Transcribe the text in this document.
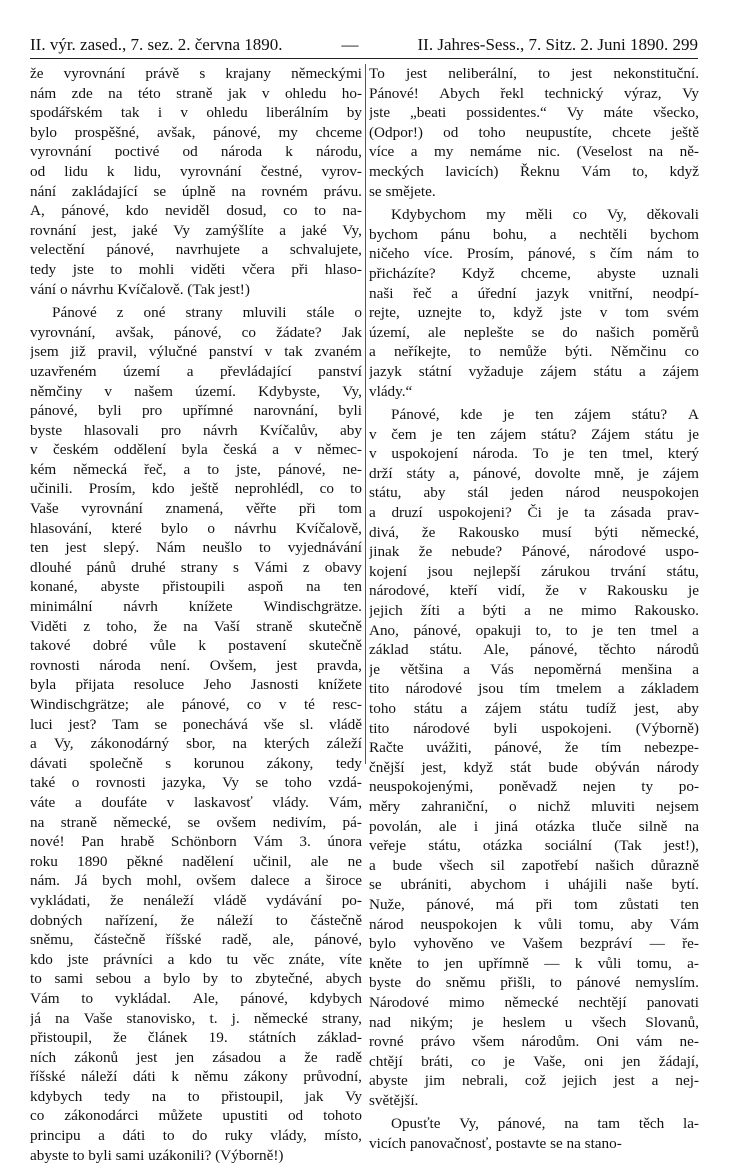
II. výr. zased., 7. sez. 2. června 1890.	—	II. Jahres-Sess., 7. Sitz. 2. Juni 1890. 299
že vyrovnání právě s krajany německými
nám zde na této straně jak v ohledu ho-
spodářském tak i v ohledu liberálním by
bylo prospěšné, avšak, pánové, my chceme
vyrovnání poctivé od národa k národu,
od lidu k lidu, vyrovnání čestné, vyrov-
nání zakládající se úplně na rovném právu.
A, pánové, kdo neviděl dosud, co to na-
rovnání jest, jaké Vy zamýšlíte a jaké Vy,
velectění pánové, navrhujete a schvalujete,
tedy jste to mohli viděti včera při hlaso-
vání o návrhu Kvíčalově. (Tak jest!)
Pánové z oné strany mluvili stále o
vyrovnání, avšak, pánové, co žádate? Jak
jsem již pravil, výlučné panství v tak zvaném
uzavřeném území a převládající panství
němčiny v našem území. Kdybyste, Vy,
pánové, byli pro upřímné narovnání, byli
byste hlasovali pro návrh Kvíčalův, aby
v českém oddělení byla česká a v němec-
kém německá řeč, a to jste, pánové, ne-
učinili. Prosím, kdo ještě neprohlédl, co to
Vaše vyrovnání znamená, věřte při tom
hlasování, které bylo o návrhu Kvíčalově,
ten jest slepý. Nám neušlo to vyjednávání
dlouhé pánů druhé strany s Vámi z obavy
konané, abyste přistoupili aspoň na ten
minimální návrh knížete Windischgrätze.
Viděti z toho, že na Vaší straně skutečně
takové dobré vůle k postavení skutečně
rovnosti národa není. Ovšem, jest pravda,
byla přijata resoluce Jeho Jasnosti knížete
Windischgrätze; ale pánové, co v té resc-
luci jest? Tam se ponechává vše sl. vládě
a Vy, zákonodárný sbor, na kterých záleží
dávati společně s korunou zákony, tedy
také o rovnosti jazyka, Vy se toho vzdá-
váte a doufáte v laskavosť vlády. Vám,
na straně německé, se ovšem nedivím, pá-
nové! Pan hrabě Schönborn Vám 3. února
roku 1890 pěkné nadělení učinil, ale ne
nám. Já bych mohl, ovšem dalece a široce
vykládati, že nenáleží vládě vydávání po-
dobných nařízení, že náleží to částečně
sněmu, částečně říšské radě, ale, pánové,
kdo jste právníci a kdo tu věc znáte, víte
to sami sebou a bylo by to zbytečné, abych
Vám to vykládal. Ale, pánové, kdybych
já na Vaše stanovisko, t. j. německé strany,
přistoupil, že článek 19. státních základ-
ních zákonů jest jen zásadou a že radě
říšské náleží dáti k němu zákony průvodní,
kdybych tedy na to přistoupil, jak Vy
co zákonodárci můžete upustiti od tohoto
principu a dáti to do ruky vlády, místo,
abyste to byli sami uzákonili? (Výborně!)
To jest neliberální, to jest nekonstituční.
Pánové! Abych řekl technický výraz, Vy
jste „beati possidentes.“ Vy máte všecko,
(Odpor!) od toho neupustíte, chcete ještě
více a my nemáme nic. (Veselost na ně-
meckých lavicích) Řeknu Vám to, když
se smějete.
Kdybychom my měli co Vy, děkovali
bychom pánu bohu, a nechtěli bychom
ničeho více. Prosím, pánové, s čím nám to
přicházíte? Když chceme, abyste uznali
naši řeč a úřední jazyk vnitřní, neodpí-
rejte, uznejte to, když jste v tom svém
území, ale neplešte se do našich poměrů
a neříkejte, to nemůže býti. Němčinu co
jazyk státní vyžaduje zájem státu a zájem
vlády.“
Pánové, kde je ten zájem státu? A
v čem je ten zájem státu? Zájem státu je
v uspokojení národa. To je ten tmel, který
drží státy a, pánové, dovolte mně, je zájem
státu, aby stál jeden národ neuspokojen
a druzí uspokojeni? Či je ta zásada prav-
divá, že Rakousko musí býti německé,
jinak že nebude? Pánové, národové uspo-
kojení jsou nejlepší zárukou trvání státu,
národové, kteří vidí, že v Rakousku je
jejich žíti a býti a ne mimo Rakousko.
Ano, pánové, opakuji to, to je ten tmel a
základ státu. Ale, pánové, těchto národů
je většina a Vás nepoměrná menšina a
tito národové jsou tím tmelem a základem
toho státu a zájem státu tudíž jest, aby
tito národové byli uspokojeni. (Výborně)
Račte uvážiti, pánové, že tím nebezpe-
čnější jest, když stát bude obýván národy
neuspokojenými, poněvadž nejen ty po-
měry zahraniční, o nichž mluviti nejsem
povolán, ale i jiná otázka tluče silně na
veřeje státu, otázka sociální (Tak jest!),
a bude všech sil zapotřebí našich důrazně
se ubrániti, abychom i uhájili naše bytí.
Nuže, pánové, má při tom zůstati ten
národ neuspokojen k vůli tomu, aby Vám
bylo vyhověno ve Vašem bezpráví — ře-
kněte to jen upřímně — k vůli tomu, a-
byste do sněmu přišli, to pánové nemyslím.
Národové mimo německé nechtějí panovati
nad nikým; je heslem u všech Slovanů,
rovné právo všem národům. Oni vám ne-
chtějí bráti, co je Vaše, oni jen žádají,
abyste jim nebrali, což jejich jest a nej-
světější.
Opusťte Vy, pánové, na tam těch la-
vicích panovačnosť, postavte se na stano-
